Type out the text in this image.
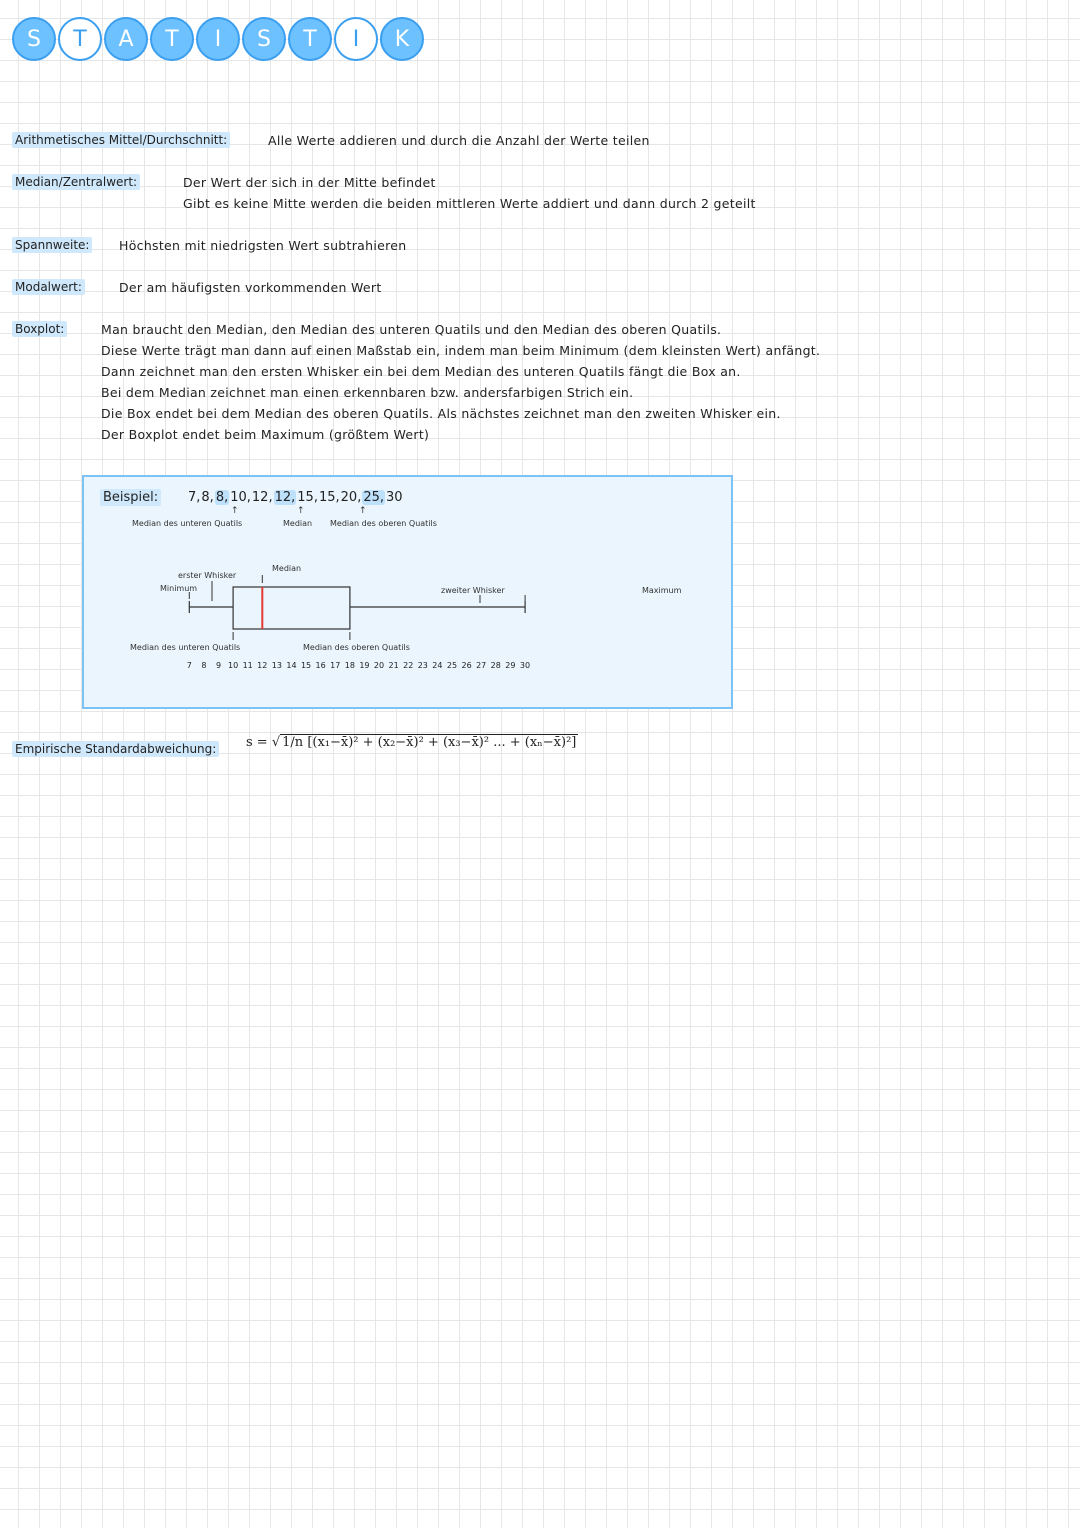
S	T	A	T	I	S	T	I	K
Arithmetisches Mittel/Durchschnitt:	Alle Werte addieren und durch die Anzahl der Werte teilen
Median/Zentralwert:	Der Wert der sich in der Mitte befindet
Gibt es keine Mitte werden die beiden mittleren Werte addiert und dann durch 2 geteilt
Spannweite: Höchsten mit niedrigsten Wert subtrahieren
Modalwert:	Der am häufigsten vorkommenden Wert
Boxplot:	Man braucht den Median, den Median des unteren Quatils und den Median des oberen Quatils.
Diese Werte trägt man dann auf einen Maßstab ein, indem man beim Minimum (dem kleinsten Wert) anfängt.
Dann zeichnet man den ersten Whisker ein bei dem Median des unteren Quatils fängt die Box an.
Bei dem Median zeichnet man einen erkennbaren bzw. andersfarbigen Strich ein.
Die Box endet bei dem Median des oberen Quatils. Als nächstes zeichnet man den zweiten Whisker ein.
Der Boxplot endet beim Maximum (größtem Wert)
Beispiel: 7,8, 8, 10,12, 12, 15,15,20, 25, 30
↑	↑	↑
Median des unteren Quatils	Median Median des oberen Quatils
erster Whisker
Minimum
Median
zweiter Whisker	Maximum
Median des unteren Quatils	Median des oberen Quatils
7 8 9 10 11 12 13 14 15 16 17 18 19 20 21 22 23 24 25 26 27 28 29 30
Empirische Standardabweichung: s = √ 1/n [(x₁−x̄)² + (x₂−x̄)² + (x₃−x̄)² ... + (xₙ−x̄)²]
